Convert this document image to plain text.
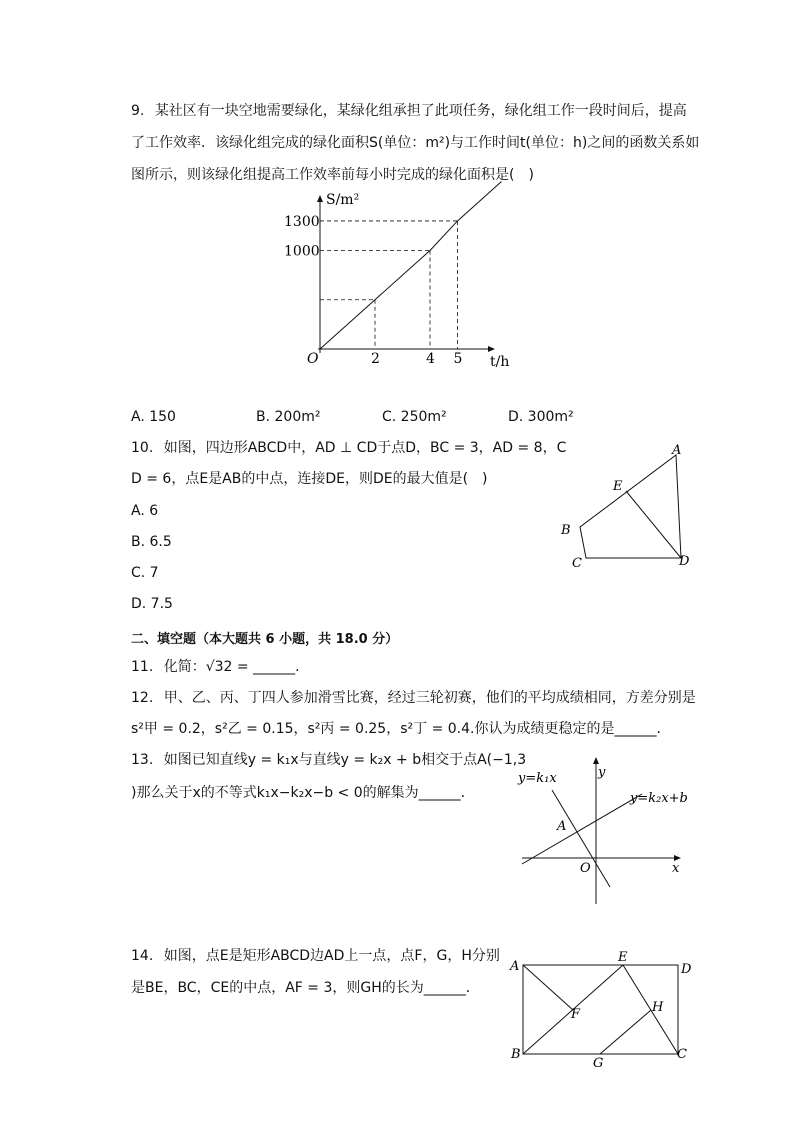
9. 某社区有一块空地需要绿化，某绿化组承担了此项任务，绿化组工作一段时间后，提高
了工作效率．该绿化组完成的绿化面积S(单位：m²)与工作时间t(单位：h)之间的函数关系如
图所示，则该绿化组提高工作效率前每小时完成的绿化面积是(　)
2	4 5
1000
1300
O
S/m²
t/h
A. 150	B. 200m²	C. 250m²	D. 300m²
10. 如图，四边形ABCD中，AD ⊥ CD于点D，BC = 3，AD = 8，C
D = 6，点E是AB的中点，连接DE，则DE的最大值是(　)
A. 6
B. 6.5
C. 7
D. 7.5
A
E
B
C	D
二、填空题（本大题共 6 小题，共 18.0 分）
11. 化简：√32 = ______．
12. 甲、乙、丙、丁四人参加滑雪比赛，经过三轮初赛，他们的平均成绩相同，方差分别是
s²甲 = 0.2，s²乙 = 0.15，s²丙 = 0.25，s²丁 = 0.4.你认为成绩更稳定的是______．
13. 如图已知直线y = k₁x与直线y = k₂x + b相交于点A(−1,3
)那么关于x的不等式k₁x−k₂x−b < 0的解集为______．
y=k₁x	y
y=k₂x+b
A
O	x
14. 如图，点E是矩形ABCD边AD上一点，点F，G，H分别
是BE，BC，CE的中点，AF = 3，则GH的长为______．
A
E
D
F	H
B
G
C
